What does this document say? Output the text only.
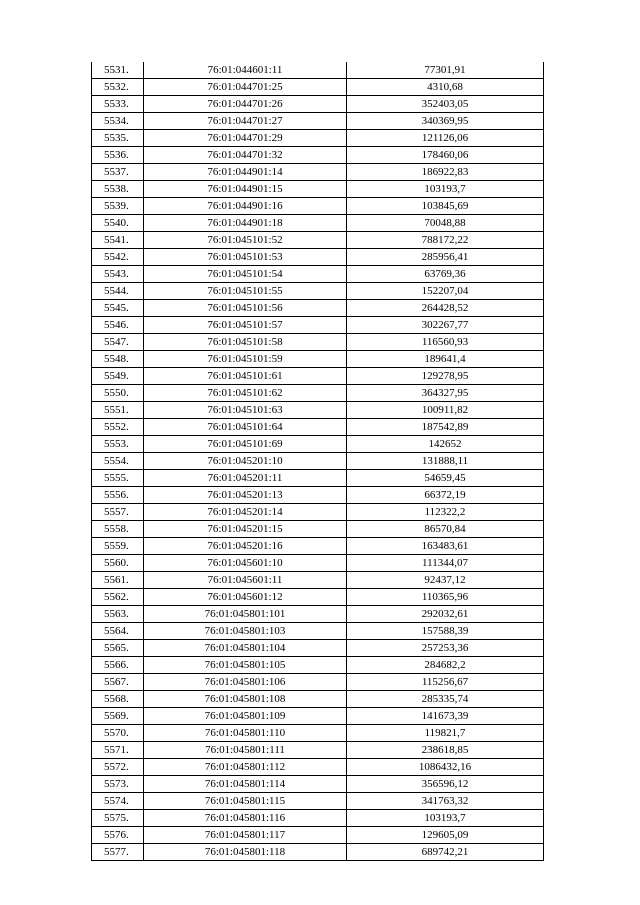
5531.	76:01:044601:11	77301,91
5532.	76:01:044701:25	4310,68
5533.	76:01:044701:26	352403,05
5534.	76:01:044701:27	340369,95
5535.	76:01:044701:29	121126,06
5536.	76:01:044701:32	178460,06
5537.	76:01:044901:14	186922,83
5538.	76:01:044901:15	103193,7
5539.	76:01:044901:16	103845,69
5540.	76:01:044901:18	70048,88
5541.	76:01:045101:52	788172,22
5542.	76:01:045101:53	285956,41
5543.	76:01:045101:54	63769,36
5544.	76:01:045101:55	152207,04
5545.	76:01:045101:56	264428,52
5546.	76:01:045101:57	302267,77
5547.	76:01:045101:58	116560,93
5548.	76:01:045101:59	189641,4
5549.	76:01:045101:61	129278,95
5550.	76:01:045101:62	364327,95
5551.	76:01:045101:63	100911,82
5552.	76:01:045101:64	187542,89
5553.	76:01:045101:69	142652
5554.	76:01:045201:10	131888,11
5555.	76:01:045201:11	54659,45
5556.	76:01:045201:13	66372,19
5557.	76:01:045201:14	112322,2
5558.	76:01:045201:15	86570,84
5559.	76:01:045201:16	163483,61
5560.	76:01:045601:10	111344,07
5561.	76:01:045601:11	92437,12
5562.	76:01:045601:12	110365,96
5563.	76:01:045801:101	292032,61
5564.	76:01:045801:103	157588,39
5565.	76:01:045801:104	257253,36
5566.	76:01:045801:105	284682,2
5567.	76:01:045801:106	115256,67
5568.	76:01:045801:108	285335,74
5569.	76:01:045801:109	141673,39
5570.	76:01:045801:110	119821,7
5571.	76:01:045801:111	238618,85
5572.	76:01:045801:112	1086432,16
5573.	76:01:045801:114	356596,12
5574.	76:01:045801:115	341763,32
5575.	76:01:045801:116	103193,7
5576.	76:01:045801:117	129605,09
5577.	76:01:045801:118	689742,21
